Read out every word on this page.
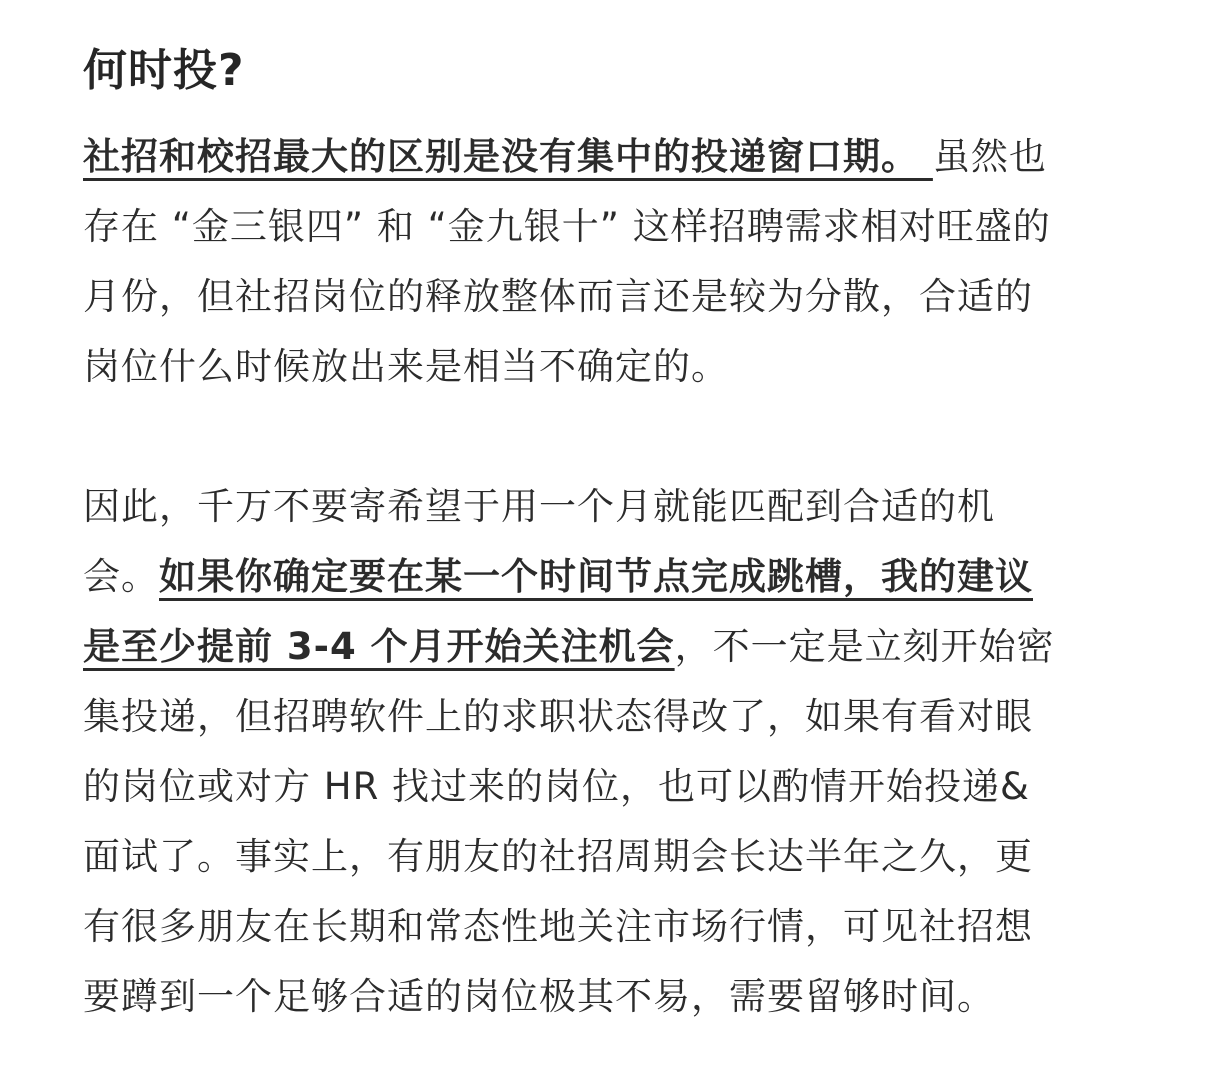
何时投?

社招和校招最大的区别是没有集中的投递窗口期。 虽然也
存在 “金三银四” 和 “金九银十” 这样招聘需求相对旺盛的
月份，但社招岗位的释放整体而言还是较为分散，合适的
岗位什么时候放出来是相当不确定的。

因此，千万不要寄希望于用一个月就能匹配到合适的机
会。如果你确定要在某一个时间节点完成跳槽，我的建议
是至少提前 3-4 个月开始关注机会，不一定是立刻开始密
集投递，但招聘软件上的求职状态得改了，如果有看对眼
的岗位或对方 HR 找过来的岗位，也可以酌情开始投递&
面试了。事实上，有朋友的社招周期会长达半年之久，更
有很多朋友在长期和常态性地关注市场行情，可见社招想
要蹲到一个足够合适的岗位极其不易，需要留够时间。
